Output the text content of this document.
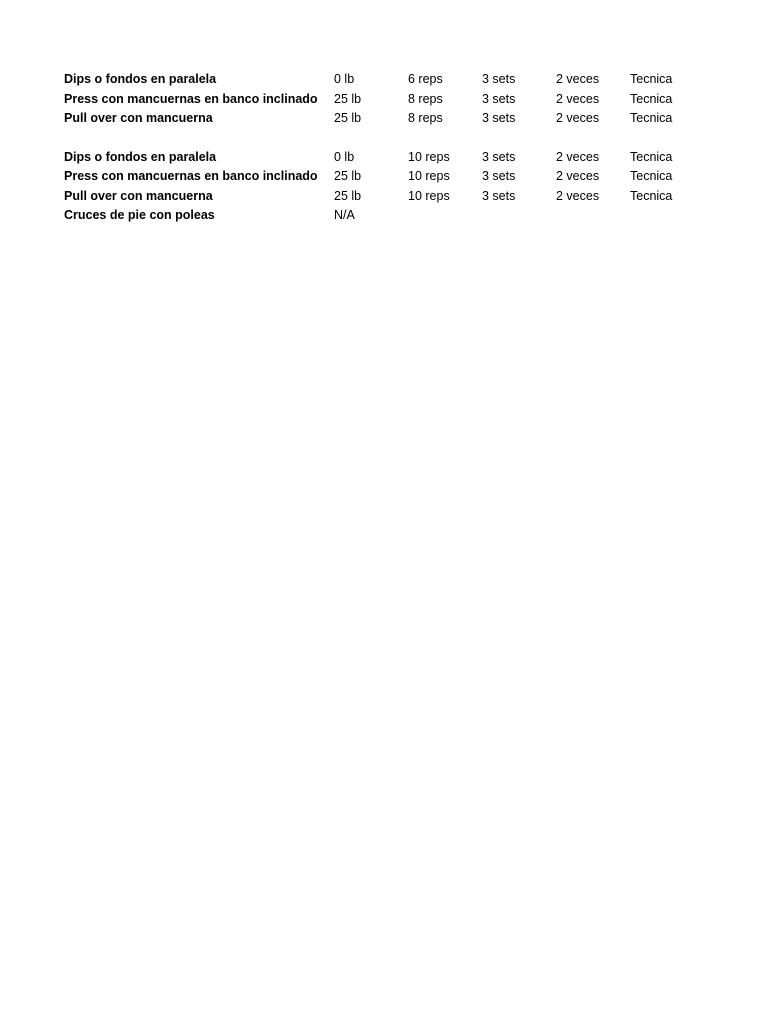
Dips o fondos en paralela	0 lb	6 reps	3 sets	2 veces	Tecnica
Press con mancuernas en banco inclinado	25 lb	8 reps	3 sets	2 veces	Tecnica
Pull over con mancuerna	25 lb	8 reps	3 sets	2 veces	Tecnica
Dips o fondos en paralela	0 lb	10 reps	3 sets	2 veces	Tecnica
Press con mancuernas en banco inclinado	25 lb	10 reps	3 sets	2 veces	Tecnica
Pull over con mancuerna	25 lb	10 reps	3 sets	2 veces	Tecnica
Cruces de pie con poleas	N/A
